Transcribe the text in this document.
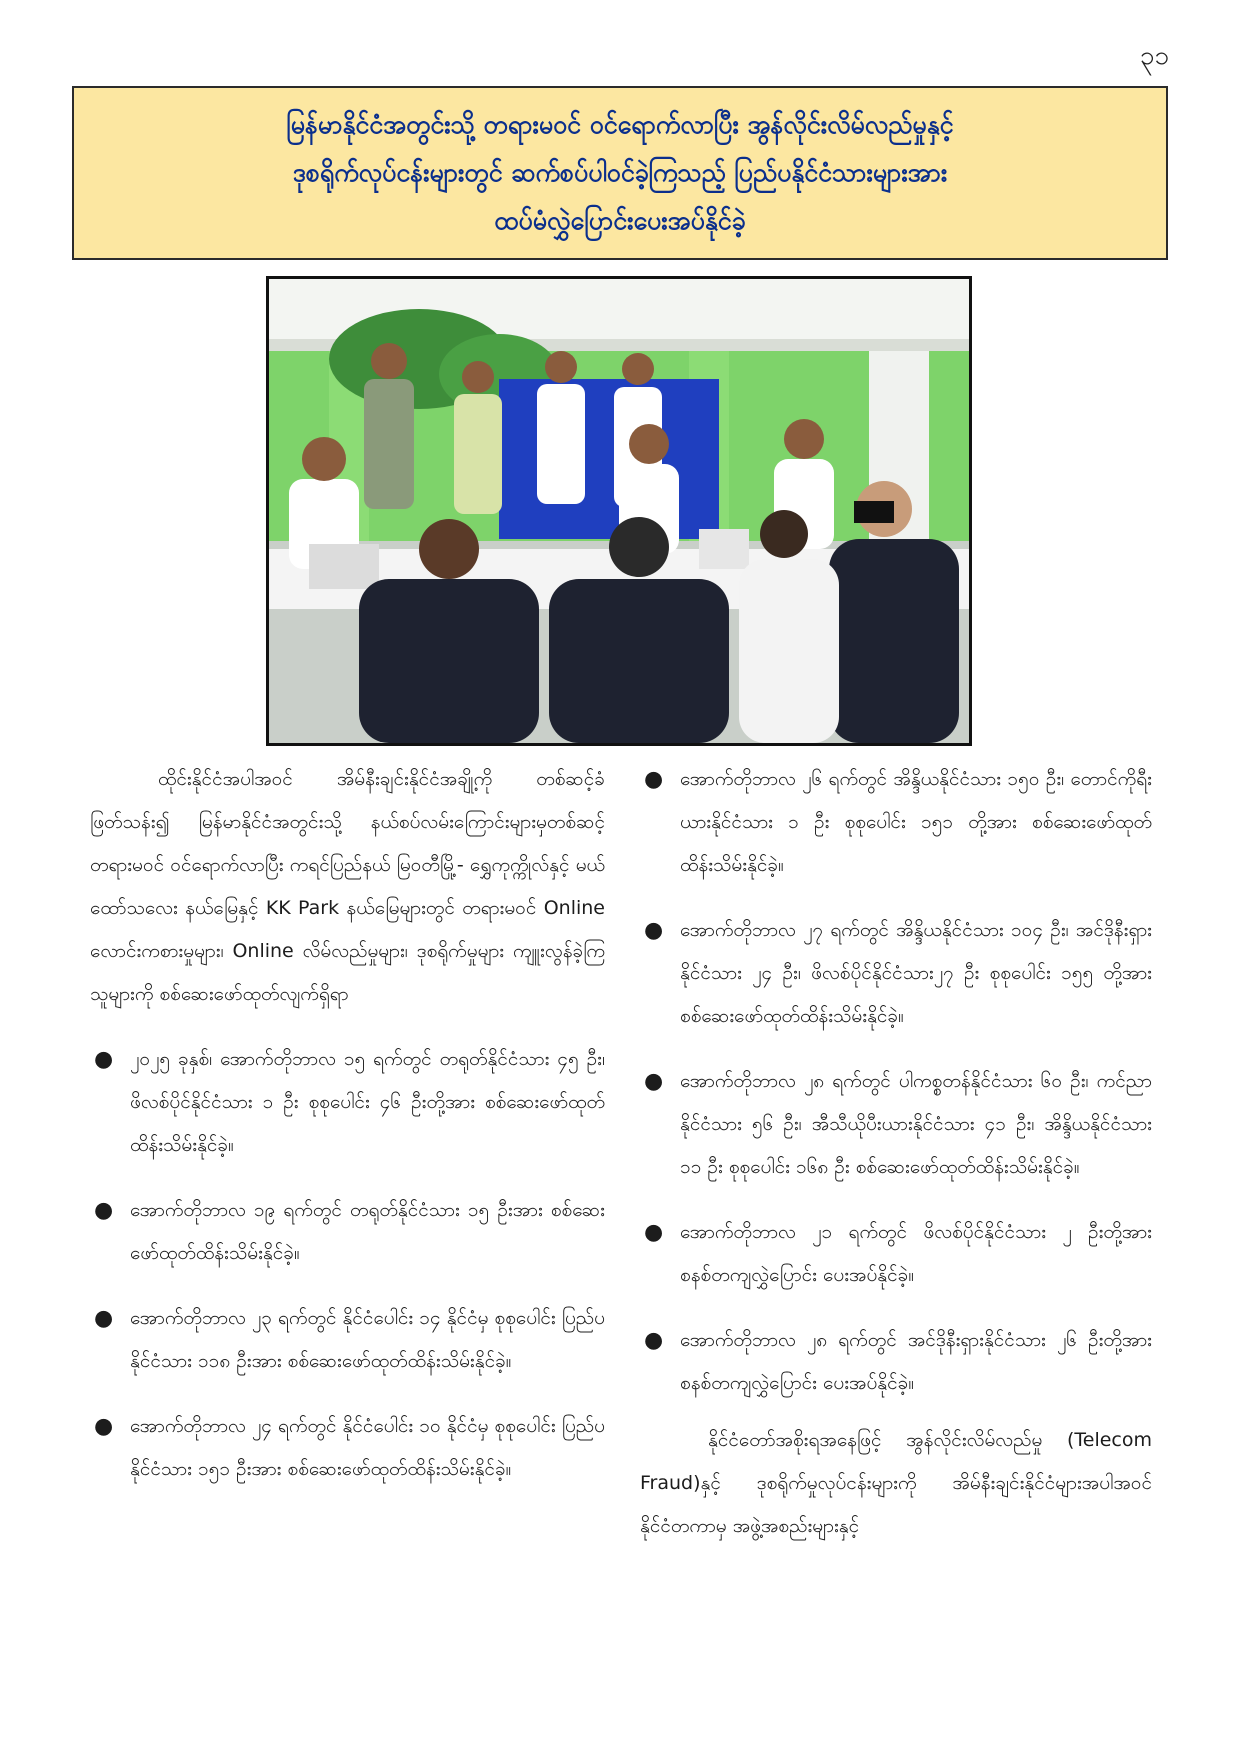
၃၁
မြန်မာနိုင်ငံအတွင်းသို့ တရားမဝင် ဝင်ရောက်လာပြီး အွန်လိုင်းလိမ်လည်မှုနှင့်
ဒုစရိုက်လုပ်ငန်းများတွင် ဆက်စပ်ပါဝင်ခဲ့ကြသည့် ပြည်ပနိုင်ငံသားများအား
ထပ်မံလွှဲပြောင်းပေးအပ်နိုင်ခဲ့

ထိုင်းနိုင်ငံအပါအဝင် အိမ်နီးချင်းနိုင်ငံအချို့ကို တစ်ဆင့်ခံဖြတ်သန်း၍ မြန်မာနိုင်ငံအတွင်းသို့ နယ်စပ်လမ်းကြောင်းများမှတစ်ဆင့် တရားမဝင် ဝင်ရောက်လာပြီး ကရင်ပြည်နယ် မြဝတီမြို့- ရွှေကုက္ကိုလ်နှင့် မယ်ထော်သလေး နယ်မြေနှင့် KK Park နယ်မြေများတွင် တရားမဝင် Online လောင်းကစားမှုများ၊ Online လိမ်လည်မှုများ၊ ဒုစရိုက်မှုများ ကျူးလွန်ခဲ့ကြသူများကို စစ်ဆေးဖော်ထုတ်လျက်ရှိရာ

● ၂၀၂၅ ခုနှစ်၊ အောက်တိုဘာလ ၁၅ ရက်တွင် တရုတ်နိုင်ငံသား ၄၅ ဦး၊ ဖိလစ်ပိုင်နိုင်ငံသား ၁ ဦး စုစုပေါင်း ၄၆ ဦးတို့အား စစ်ဆေးဖော်ထုတ်ထိန်းသိမ်းနိုင်ခဲ့။
● အောက်တိုဘာလ ၁၉ ရက်တွင် တရုတ်နိုင်ငံသား ၁၅ ဦးအား စစ်ဆေးဖော်ထုတ်ထိန်းသိမ်းနိုင်ခဲ့။
● အောက်တိုဘာလ ၂၃ ရက်တွင် နိုင်ငံပေါင်း ၁၄ နိုင်ငံမှ စုစုပေါင်း ပြည်ပနိုင်ငံသား ၁၁၈ ဦးအား စစ်ဆေးဖော်ထုတ်ထိန်းသိမ်းနိုင်ခဲ့။
● အောက်တိုဘာလ ၂၄ ရက်တွင် နိုင်ငံပေါင်း ၁၀ နိုင်ငံမှ စုစုပေါင်း ပြည်ပနိုင်ငံသား ၁၅၁ ဦးအား စစ်ဆေးဖော်ထုတ်ထိန်းသိမ်းနိုင်ခဲ့။
● အောက်တိုဘာလ ၂၆ ရက်တွင် အိန္ဒိယနိုင်ငံသား ၁၅၀ ဦး၊ တောင်ကိုရီးယားနိုင်ငံသား ၁ ဦး စုစုပေါင်း ၁၅၁ တို့အား စစ်ဆေးဖော်ထုတ်ထိန်းသိမ်းနိုင်ခဲ့။
● အောက်တိုဘာလ ၂၇ ရက်တွင် အိန္ဒိယနိုင်ငံသား ၁၀၄ ဦး၊ အင်ဒိုနီးရှားနိုင်ငံသား ၂၄ ဦး၊ ဖိလစ်ပိုင်နိုင်ငံသား၂၇ ဦး စုစုပေါင်း ၁၅၅ တို့အား စစ်ဆေးဖော်ထုတ်ထိန်းသိမ်းနိုင်ခဲ့။
● အောက်တိုဘာလ ၂၈ ရက်တွင် ပါကစ္စတန်နိုင်ငံသား ၆၀ ဦး၊ ကင်ညာနိုင်ငံသား ၅၆ ဦး၊ အီသီယိုပီးယားနိုင်ငံသား ၄၁ ဦး၊ အိန္ဒိယနိုင်ငံသား ၁၁ ဦး စုစုပေါင်း ၁၆၈ ဦး စစ်ဆေးဖော်ထုတ်ထိန်းသိမ်းနိုင်ခဲ့။
● အောက်တိုဘာလ ၂၁ ရက်တွင် ဖိလစ်ပိုင်နိုင်ငံသား ၂ ဦးတို့အား စနစ်တကျလွှဲပြောင်း ပေးအပ်နိုင်ခဲ့။
● အောက်တိုဘာလ ၂၈ ရက်တွင် အင်ဒိုနီးရှားနိုင်ငံသား ၂၆ ဦးတို့အား စနစ်တကျလွှဲပြောင်း ပေးအပ်နိုင်ခဲ့။

နိုင်ငံတော်အစိုးရအနေဖြင့် အွန်လိုင်းလိမ်လည်မှု (Telecom Fraud)နှင့် ဒုစရိုက်မှုလုပ်ငန်းများကို အိမ်နီးချင်းနိုင်ငံများအပါအဝင် နိုင်ငံတကာမှ အဖွဲ့အစည်းများနှင့်
